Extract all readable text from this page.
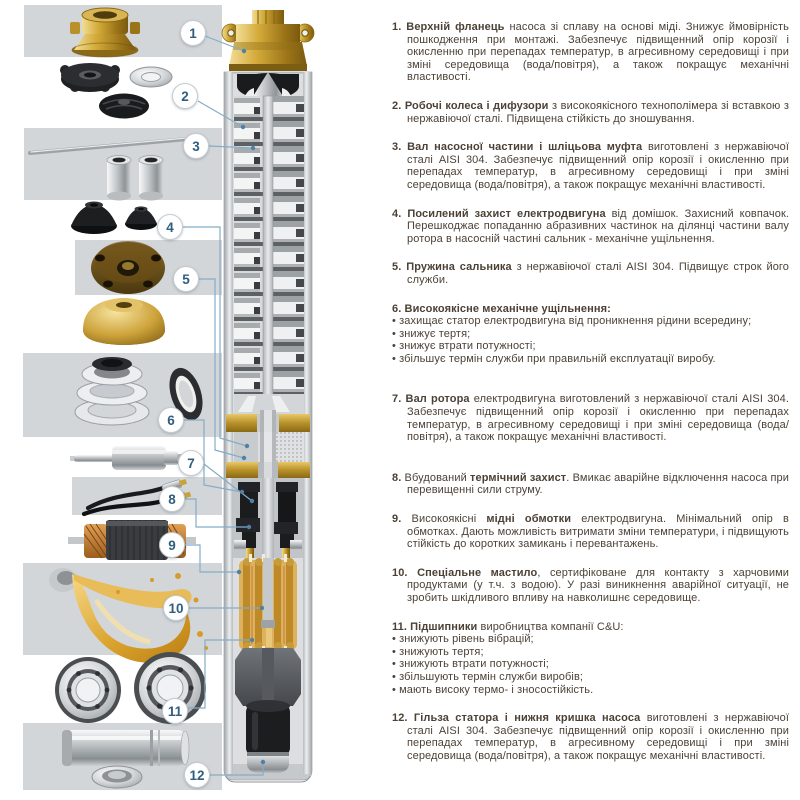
1
2
3
4
5
6
7
8
9
10
11
12

1. Верхній фланець насоса зі сплаву на основі міді. Знижує ймовірність пошкодження при монтажі. Забезпечує підвищенний опір корозії і окисленню при перепадах температур, в агресивному середовищі і при зміні середовища (вода/повітря), а також покращує механічні властивості.

2. Робочі колеса і дифузори з високоякісного технополімера зі вставкою з нержавіючої сталі. Підвищена стійкість до зношування.

3. Вал насосної частини і шліцьова муфта виготовлені з нержавіючої сталі AISI 304. Забезпечує підвищенний опір корозії і окисленню при перепадах температур, в агресивному середовищі і при зміні середовища (вода/повітря), а також покращує механічні властивості.

4. Посилений захист електродвигуна від домішок. Захисний ковпачок. Перешкоджає попаданню абразивних частинок на ділянці частини валу ротора в насосній частині сальник - механічне ущільнення.

5. Пружина сальника з нержавіючої сталі AISI 304. Підвищує строк його служби.

6. Високоякісне механічне ущільнення:

• захищає статор електродвигуна від проникнення рідини всередину;
• знижує тертя;
• знижує втрати потужності;
• збільшує термін служби при правильній експлуатації виробу.

7. Вал ротора електродвигуна виготовлений з нержавіючої сталі AISI 304. Забезпечує підвищенний опір корозії і окисленню при перепадах температур, в агресивному середовищі і при зміні середовища (вода/повітря), а також покращує механічні властивості.

8. Вбудований термічний захист. Вмикає аварійне відключення насоса при перевищенні сили струму.

9. Високоякісні мідні обмотки електродвигуна. Мінімальний опір в обмотках. Дають можливість витримати зміни температури, і підвищують стійкість до коротких замикань і перевантажень.

10. Спеціальне мастило, сертифіковане для контакту з харчовими продуктами (у т.ч. з водою). У разі виникнення аварійної ситуації, не зробить шкідливого впливу на навколишнє середовище.

11. Підшипники виробництва компанії C&U:

• знижують рівень вібрацій;
• знижують тертя;
• знижують втрати потужності;
• збільшують термін служби виробів;
• мають високу термо- і зносостійкість.

12. Гільза статора і нижня кришка насоса виготовлені з нержавіючої сталі AISI 304. Забезпечує підвищенний опір корозії і окисленню при перепадах температур, в агресивному середовищі і при зміні середовища (вода/повітря), а також покращує механічні властивості.
